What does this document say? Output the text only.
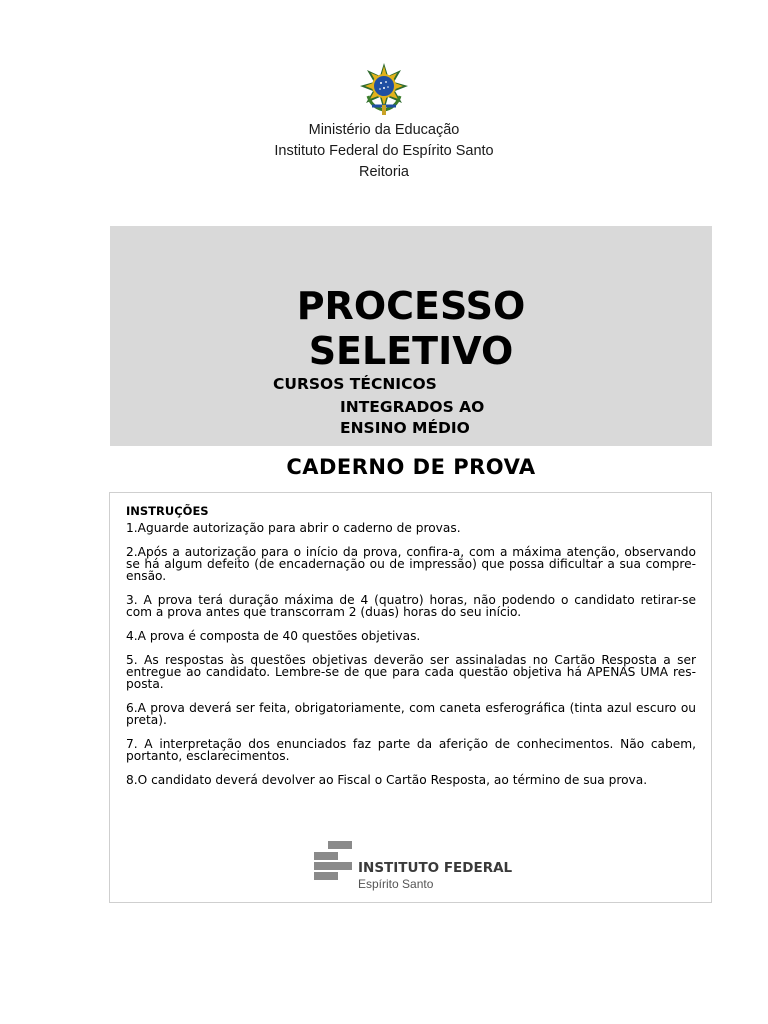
Ministério da Educação

Instituto Federal do Espírito Santo

Reitoria

PROCESSO

SELETIVO

CURSOS TÉCNICOS

INTEGRADOS AO

ENSINO MÉDIO

CADERNO DE PROVA

INSTRUÇÕES

1.Aguarde autorização para abrir o caderno de provas.

2.Após a autorização para o início da prova, confira-a, com a máxima atenção, observando se há algum defeito (de encadernação ou de impressão) que possa dificultar a sua compre- ensão.

3. A prova terá duração máxima de 4 (quatro) horas, não podendo o candidato retirar-se com a prova antes que transcorram 2 (duas) horas do seu início.

4.A prova é composta de 40 questões objetivas.

5. As respostas às questões objetivas deverão ser assinaladas no Cartão Resposta a ser entregue ao candidato. Lembre-se de que para cada questão objetiva há APENAS UMA res- posta.

6.A prova deverá ser feita, obrigatoriamente, com caneta esferográfica (tinta azul escuro ou preta).

7. A interpretação dos enunciados faz parte da aferição de conhecimentos. Não cabem, portanto, esclarecimentos.

8.O candidato deverá devolver ao Fiscal o Cartão Resposta, ao término de sua prova.

INSTITUTO FEDERAL

Espírito Santo
